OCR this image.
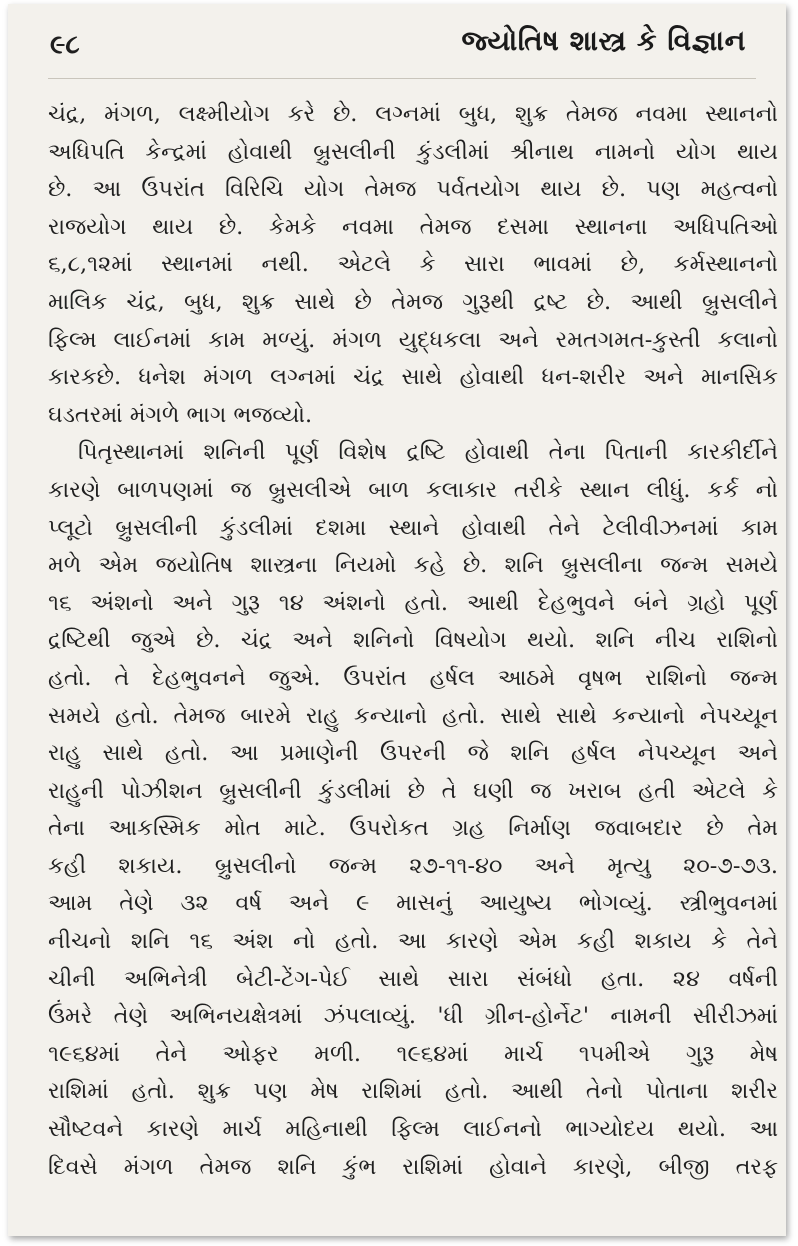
૯૮	જ્યોતિષ શાસ્ત્ર કે વિજ્ઞાન
ચંદ્ર, મંગળ, લક્ષ્મીયોગ કરે છે. લગ્નમાં બુધ, શુક્ર તેમજ નવમા સ્થાનનો
અધિપતિ કેન્દ્રમાં હોવાથી બ્રુસલીની કુંડલીમાં શ્રીનાથ નામનો યોગ થાય
છે. આ ઉપરાંત વિરિચિ યોગ તેમજ પર્વતયોગ થાય છે. પણ મહત્વનો
રાજયોગ થાય છે. કેમકે નવમા તેમજ દસમા સ્થાનના અધિપતિઓ
૬,૮,૧૨માં સ્થાનમાં નથી. એટલે કે સારા ભાવમાં છે, કર્મસ્થાનનો
માલિક ચંદ્ર, બુધ, શુક્ર સાથે છે તેમજ ગુરૂથી દ્રષ્ટ છે. આથી બ્રુસલીને
ફિલ્મ લાઈનમાં કામ મળ્યું. મંગળ યુદ્ધકલા અને રમતગમત-કુસ્તી કલાનો
કારકછે. ધનેશ મંગળ લગ્નમાં ચંદ્ર સાથે હોવાથી ધન-શરીર અને માનસિક
ઘડતરમાં મંગળે ભાગ ભજવ્યો.
પિતૃસ્થાનમાં શનિની પૂર્ણ વિશેષ દ્રષ્ટિ હોવાથી તેના પિતાની કારકીર્દીને
કારણે બાળપણમાં જ બ્રુસલીએ બાળ કલાકાર તરીકે સ્થાન લીધું. કર્ક નો
પ્લૂટો બ્રુસલીની કુંડલીમાં દશમા સ્થાને હોવાથી તેને ટેલીવીઝનમાં કામ
મળે એમ જયોતિષ શાસ્ત્રના નિયમો કહે છે. શનિ બ્રુસલીના જન્મ સમયે
૧૬ અંશનો અને ગુરૂ ૧૪ અંશનો હતો. આથી દેહભુવને બંને ગ્રહો પૂર્ણ
દ્રષ્ટિથી જુએ છે. ચંદ્ર અને શનિનો વિષયોગ થયો. શનિ નીચ રાશિનો
હતો. તે દેહભુવનને જુએ. ઉપરાંત હર્ષલ આઠમે વૃષભ રાશિનો જન્મ
સમયે હતો. તેમજ બારમે રાહુ કન્યાનો હતો. સાથે સાથે કન્યાનો નેપચ્યૂન
રાહુ સાથે હતો. આ પ્રમાણેની ઉપરની જે શનિ હર્ષલ નેપચ્યૂન અને
રાહુની પોઝીશન બ્રુસલીની કુંડલીમાં છે તે ઘણી જ ખરાબ હતી એટલે કે
તેના આકસ્મિક મોત માટે. ઉપરોકત ગ્રહ નિર્માણ જવાબદાર છે તેમ
કહી શકાય. બ્રુસલીનો જન્મ ૨૭-૧૧-૪૦ અને મૃત્યુ ૨૦-૭-૭૩.
આમ તેણે ૩૨ વર્ષ અને ૯ માસનું આયુષ્ય ભોગવ્યું. સ્ત્રીભુવનમાં
નીચનો શનિ ૧૬ અંશ નો હતો. આ કારણે એમ કહી શકાય કે તેને
ચીની અભિનેત્રી બેટી-ટેંગ-પેઈ સાથે સારા સંબંધો હતા. ૨૪ વર્ષની
ઉંમરે તેણે અભિનયક્ષેત્રમાં ઝંપલાવ્યું. 'ધી ગ્રીન-હોર્નેટ' નામની સીરીઝમાં
૧૯૬૪માં તેને ઓફર મળી. ૧૯૬૪માં માર્ચ ૧૫મીએ ગુરૂ મેષ
રાશિમાં હતો. શુક્ર પણ મેષ રાશિમાં હતો. આથી તેનો પોતાના શરીર
સૌષ્ટવને કારણે માર્ચ મહિનાથી ફિલ્મ લાઈનનો ભાગ્યોદય થયો. આ
દિવસે મંગળ તેમજ શનિ કુંભ રાશિમાં હોવાને કારણે, બીજી તરફ
